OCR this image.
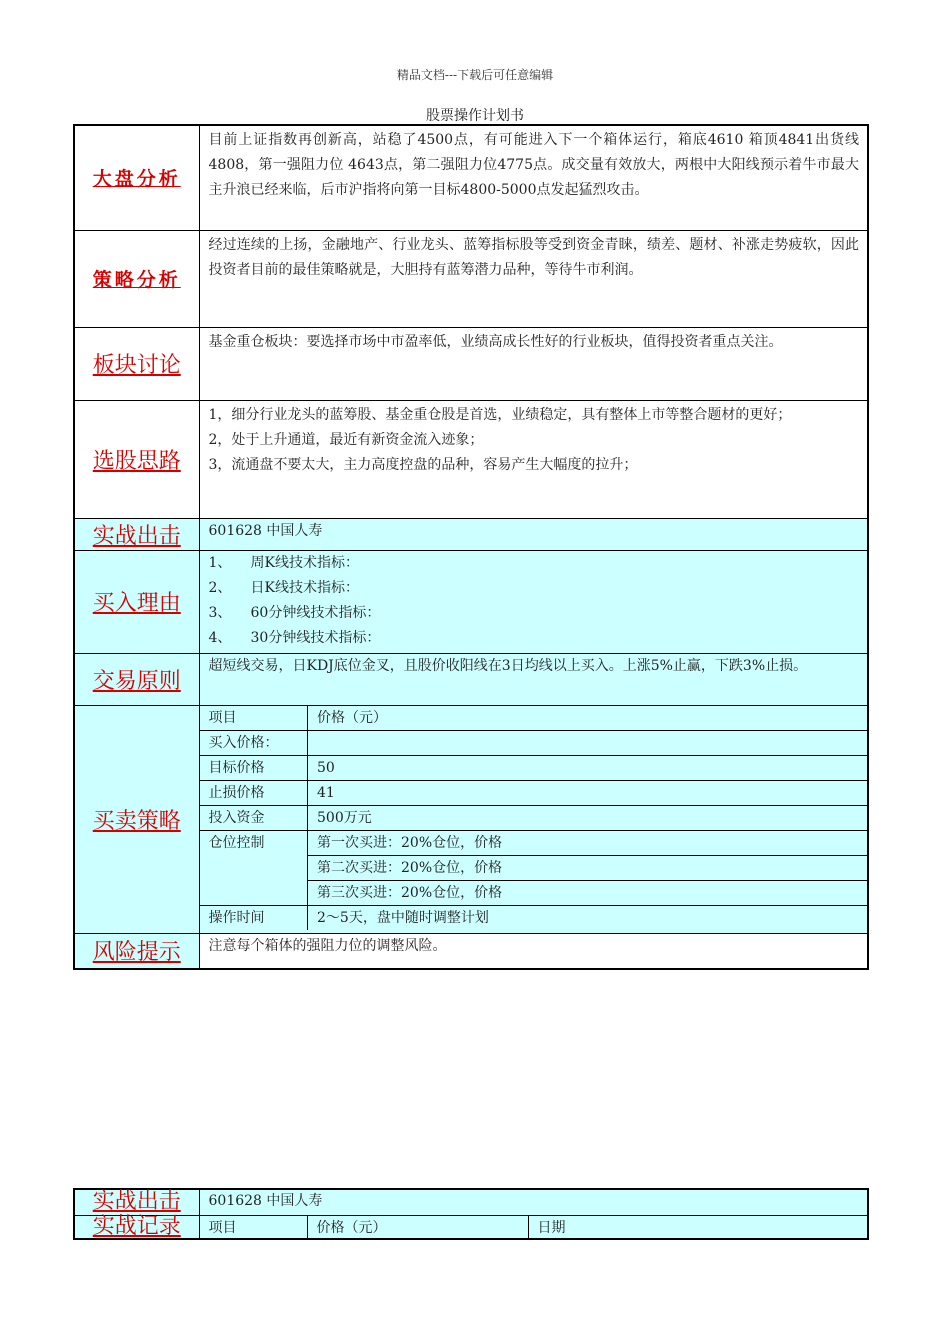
精品文档---下载后可任意编辑
股票操作计划书
大盘分析	
目前上证指数再创新高，站稳了4500点，有可能进入下一个箱体运行，箱底4610 箱顶4841出货线4808，第一强阻力位 4643点，第二强阻力位4775点。成交量有效放大，两根中大阳线预示着牛市最大主升浪已经来临，后市沪指将向第一目标4800-5000点发起猛烈攻击。

策略分析	
经过连续的上扬，金融地产、行业龙头、蓝筹指标股等受到资金青睐，绩差、题材、补涨走势疲软，因此投资者目前的最佳策略就是，大胆持有蓝筹潜力品种，等待牛市利润。

板块讨论	
基金重仓板块：要选择市场中市盈率低，业绩高成长性好的行业板块，值得投资者重点关注。

选股思路	
1，细分行业龙头的蓝筹股、基金重仓股是首选，业绩稳定，具有整体上市等整合题材的更好；
2，处于上升通道，最近有新资金流入迹象；
3，流通盘不要太大，主力高度控盘的品种，容易产生大幅度的拉升；

实战出击	601628 中国人寿

买入理由	
1、	周K线技术指标：
2、	日K线技术指标：
3、	60分钟线技术指标：
4、	30分钟线技术指标：

交易原则	
超短线交易，日KDJ底位金叉，且股价收阳线在3日均线以上买入。上涨5%止赢，下跌3%止损。

买卖策略	
项目	价格（元）
买入价格：	
目标价格	50
止损价格	41
投入资金	500万元
仓位控制	第一次买进：20%仓位，价格
第二次买进：20%仓位，价格
第三次买进：20%仓位，价格
操作时间	2～5天，盘中随时调整计划

风险提示	注意每个箱体的强阻力位的调整风险。
实战出击	601628 中国人寿		

实战记录	项目	价格（元）	日期
